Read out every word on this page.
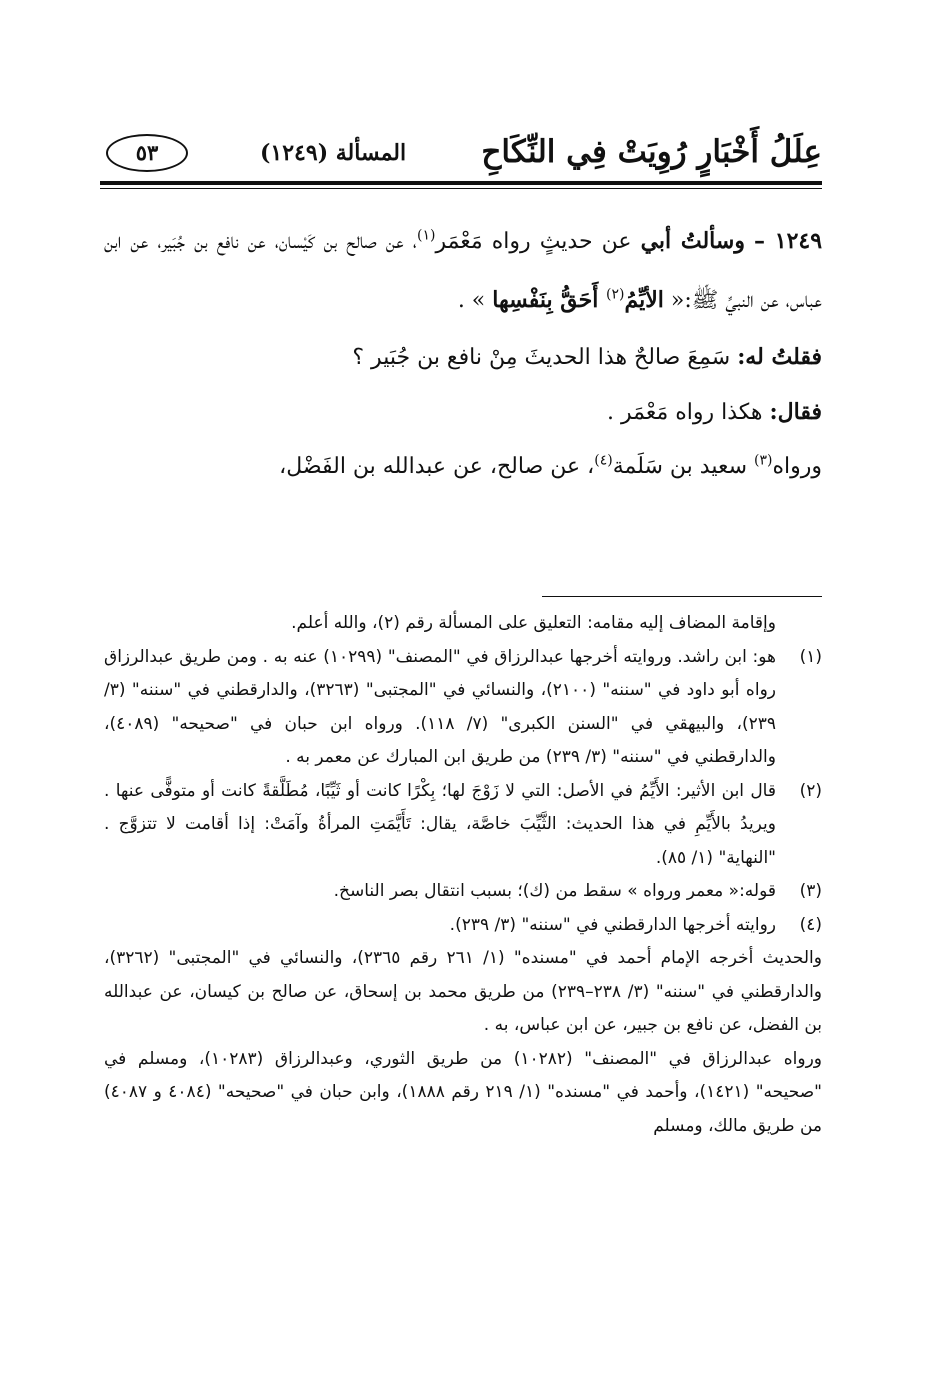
عِلَلُ أَخْبَارٍ رُوِيَتْ فِي النِّكَاحِ
المسألة (١٢٤٩)
٥٣

١٢٤٩ – وسألتُ أبي عن حديثٍ رواه مَعْمَر$^{(١)}$، عن صالح بن كَيْسان، عن نافع بن جُبَير، عن ابن عباس، عن النبيِّ ﷺ:« الأيِّمُ$^{(٢)}$ أَحَقُّ بِنَفْسِها » .

فقلتُ له: سَمِعَ صالحٌ هذا الحديثَ مِنْ نافع بن جُبَير ؟

فقال: هكذا رواه مَعْمَر .

ورواه$^{(٣)}$ سعيد بن سَلَمة$^{(٤)}$، عن صالح، عن عبدالله بن الفَضْل،

وإقامة المضاف إليه مقامه: التعليق على المسألة رقم (٢)، والله أعلم.
(١)
هو: ابن راشد. وروايته أخرجها عبدالرزاق في "المصنف" (١٠٢٩٩) عنه به . ومن طريق عبدالرزاق رواه أبو داود في "سننه" (٢١٠٠)، والنسائي في "المجتبى" (٣٢٦٣)، والدارقطني في "سننه" (٣/ ٢٣٩)، والبيهقي في "السنن الكبرى" (٧/ ١١٨). ورواه ابن حبان في "صحيحه" (٤٠٨٩)، والدارقطني في "سننه" (٣/ ٢٣٩) من طريق ابن المبارك عن معمر به .
(٢)
قال ابن الأثير: الأَيِّمُ في الأصل: التي لا زَوْجَ لها؛ بِكْرًا كانت أو ثَيِّبًا، مُطَلَّقةً كانت أو متوفًّى عنها . ويريدُ بالأَيِّمِ في هذا الحديث: الثَّيِّبَ خاصَّة، يقال: تَأَيَّمَتِ المرأةُ وآمَتْ: إذا أقامت لا تتزوَّج . "النهاية" (١/ ٨٥).
(٣)
قوله:« معمر ورواه » سقط من (ك)؛ بسبب انتقال بصر الناسخ.
(٤)
روايته أخرجها الدارقطني في "سننه" (٣/ ٢٣٩).
والحديث أخرجه الإمام أحمد في "مسنده" (١/ ٢٦١ رقم ٢٣٦٥)، والنسائي في "المجتبى" (٣٢٦٢)، والدارقطني في "سننه" (٣/ ٢٣٨–٢٣٩) من طريق محمد بن إسحاق، عن صالح بن كيسان، عن عبدالله بن الفضل، عن نافع بن جبير، عن ابن عباس، به .
ورواه عبدالرزاق في "المصنف" (١٠٢٨٢) من طريق الثوري، وعبدالرزاق (١٠٢٨٣)، ومسلم في "صحيحه" (١٤٢١)، وأحمد في "مسنده" (١/ ٢١٩ رقم ١٨٨٨)، وابن حبان في "صحيحه" (٤٠٨٤ و ٤٠٨٧) من طريق مالك، ومسلم
